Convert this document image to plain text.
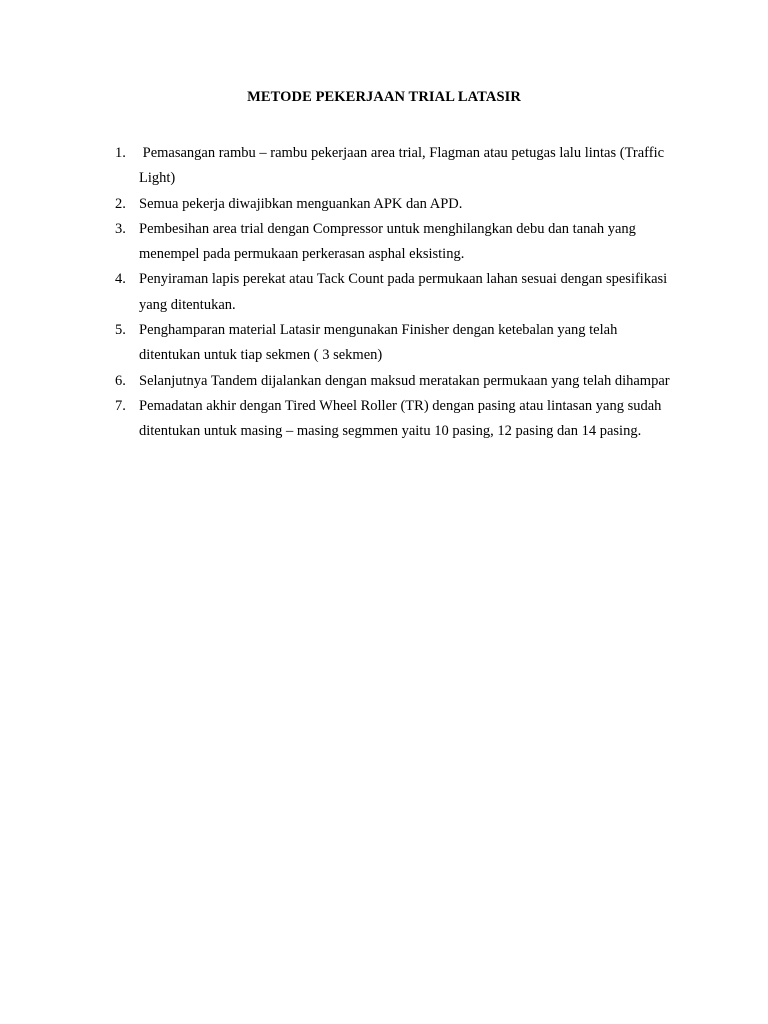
METODE PEKERJAAN TRIAL LATASIR
1. Pemasangan rambu – rambu pekerjaan area trial, Flagman atau petugas lalu lintas (Traffic Light)
2. Semua pekerja diwajibkan menguankan APK dan APD.
3. Pembesihan area trial dengan Compressor untuk menghilangkan debu dan tanah yang menempel pada permukaan perkerasan asphal eksisting.
4. Penyiraman lapis perekat atau Tack Count pada permukaan lahan sesuai dengan spesifikasi yang ditentukan.
5. Penghamparan material Latasir mengunakan Finisher dengan ketebalan yang telah ditentukan untuk tiap sekmen ( 3 sekmen)
6. Selanjutnya Tandem dijalankan dengan maksud meratakan permukaan yang telah dihampar
7. Pemadatan akhir dengan Tired Wheel Roller (TR) dengan pasing atau lintasan yang sudah ditentukan untuk masing – masing segmmen yaitu 10 pasing, 12 pasing dan 14 pasing.
